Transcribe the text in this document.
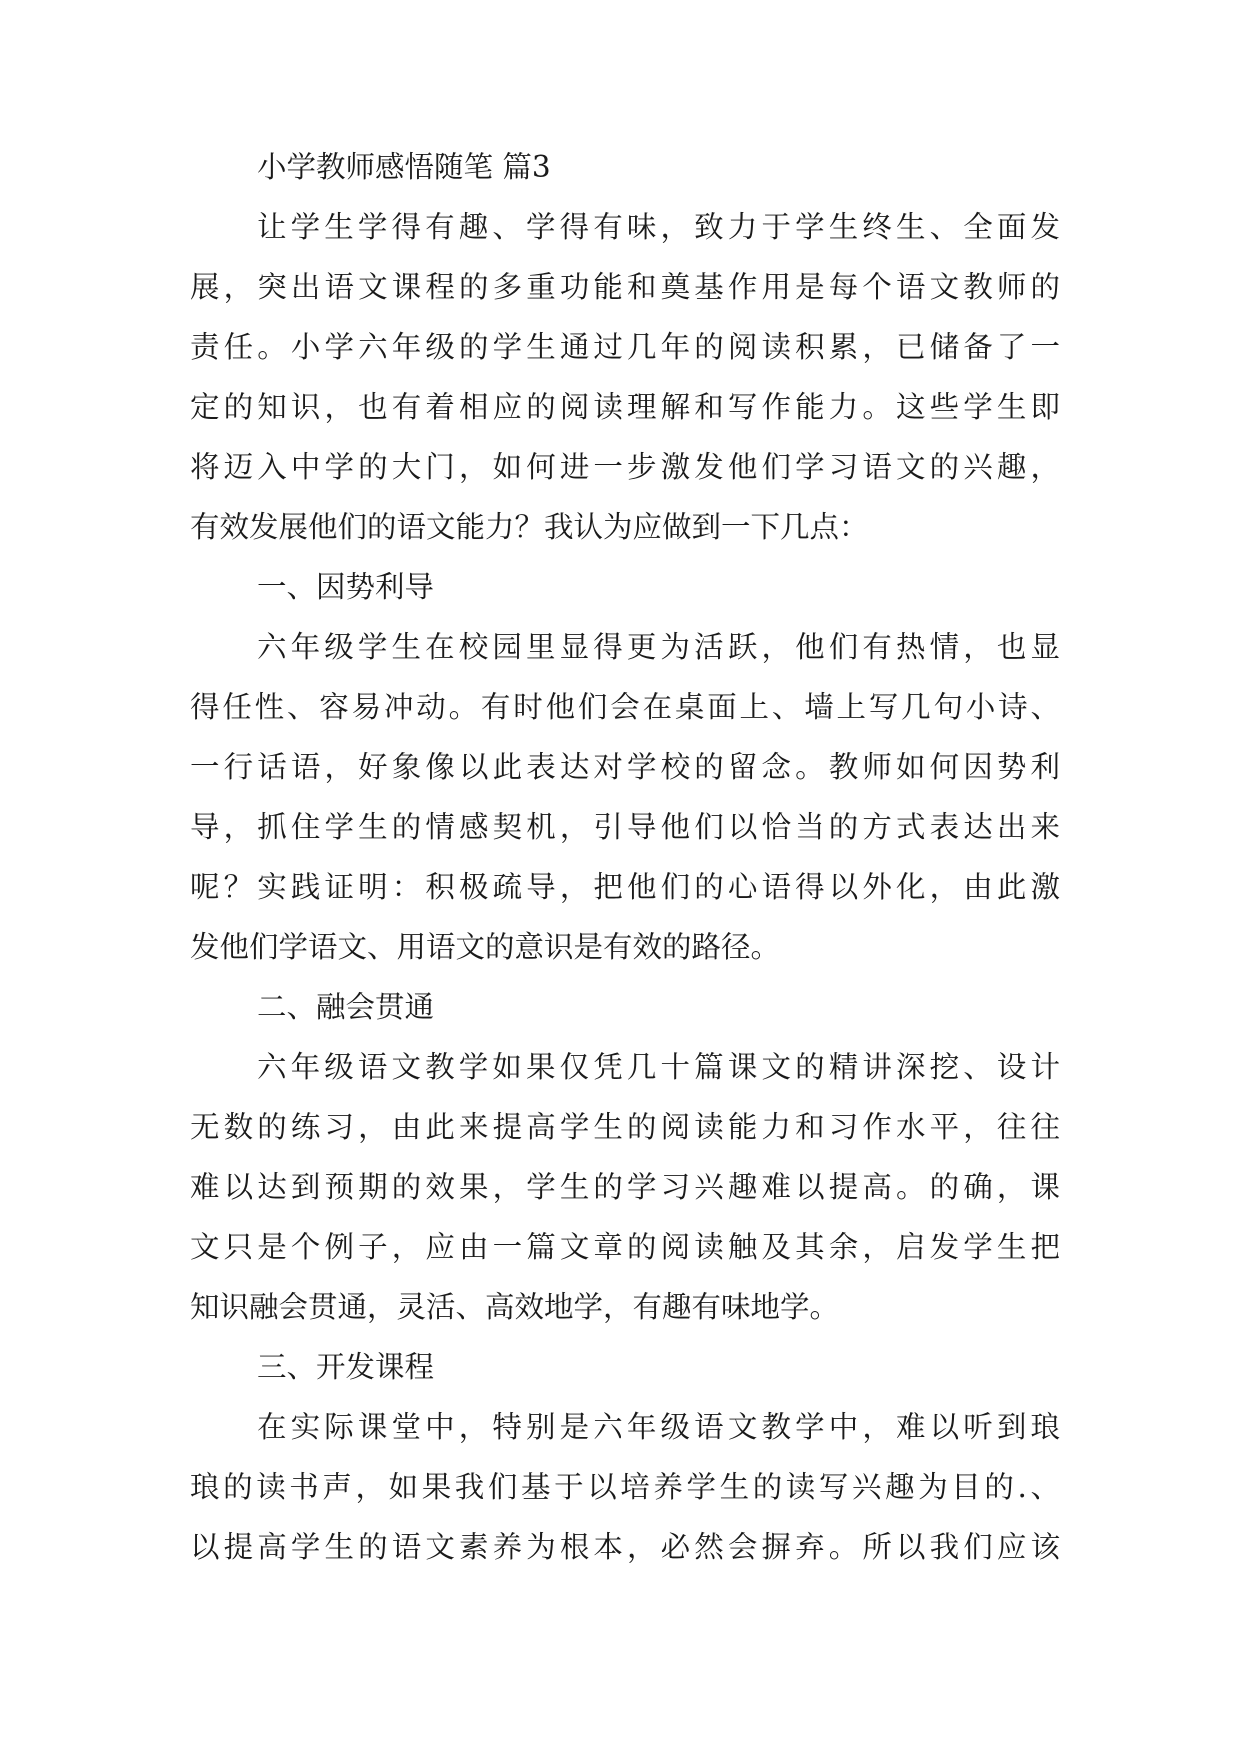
小学教师感悟随笔 篇3
让学生学得有趣、学得有味，致力于学生终生、全面发
展，突出语文课程的多重功能和奠基作用是每个语文教师的
责任。小学六年级的学生通过几年的阅读积累，已储备了一
定的知识，也有着相应的阅读理解和写作能力。这些学生即
将迈入中学的大门，如何进一步激发他们学习语文的兴趣，
有效发展他们的语文能力？我认为应做到一下几点：
一、因势利导
六年级学生在校园里显得更为活跃，他们有热情，也显
得任性、容易冲动。有时他们会在桌面上、墙上写几句小诗、
一行话语，好象像以此表达对学校的留念。教师如何因势利
导，抓住学生的情感契机，引导他们以恰当的方式表达出来
呢？实践证明：积极疏导，把他们的心语得以外化，由此激
发他们学语文、用语文的意识是有效的路径。
二、融会贯通
六年级语文教学如果仅凭几十篇课文的精讲深挖、设计
无数的练习，由此来提高学生的阅读能力和习作水平，往往
难以达到预期的效果，学生的学习兴趣难以提高。的确，课
文只是个例子，应由一篇文章的阅读触及其余，启发学生把
知识融会贯通，灵活、高效地学，有趣有味地学。
三、开发课程
在实际课堂中，特别是六年级语文教学中，难以听到琅
琅的读书声，如果我们基于以培养学生的读写兴趣为目的.、
以提高学生的语文素养为根本，必然会摒弃。所以我们应该
